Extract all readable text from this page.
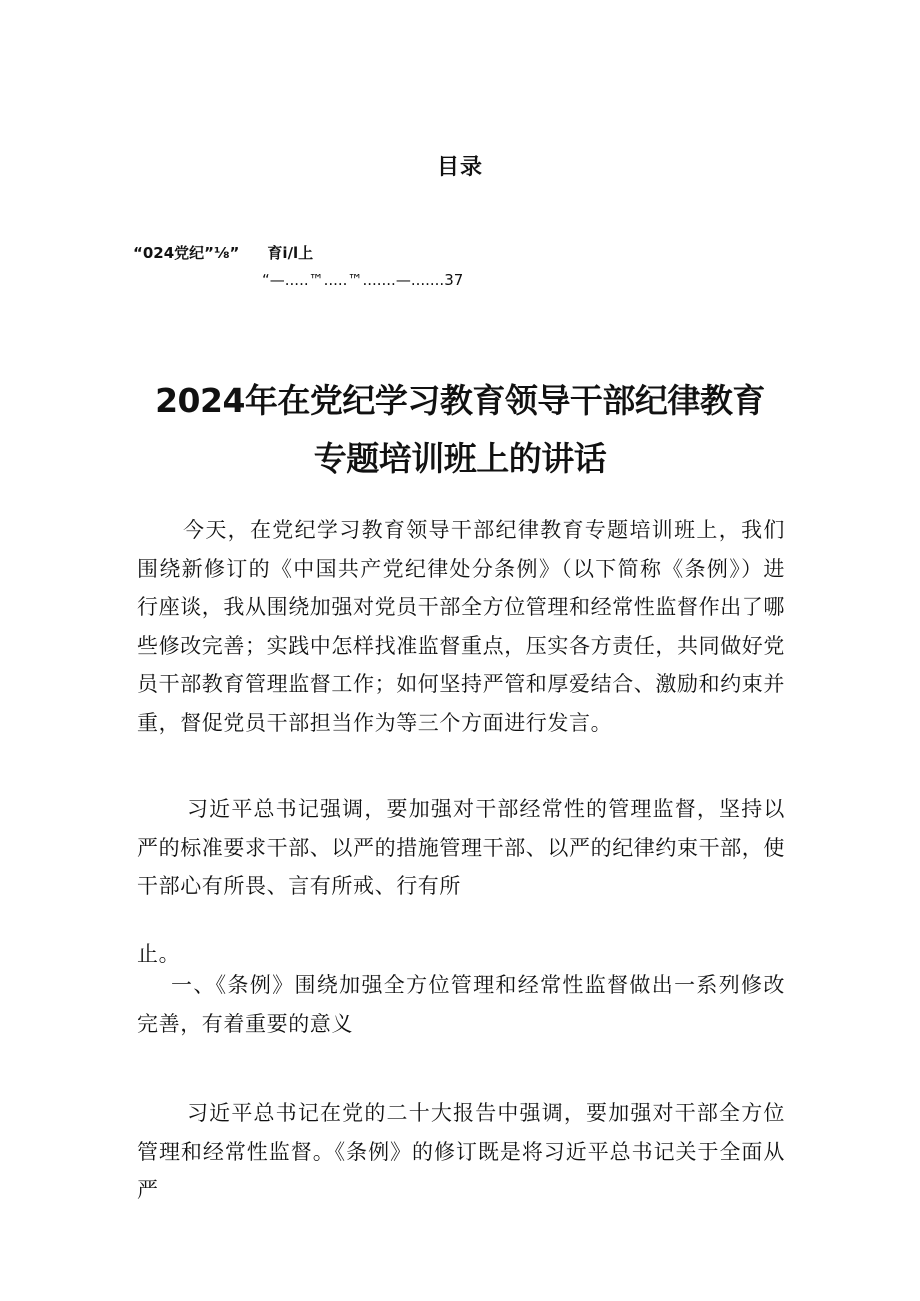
目录
“024党纪”⅛” 育i∕l上
“—.....™.....™.......—.......37
2024年在党纪学习教育领导干部纪律教育
专题培训班上的讲话
今天，在党纪学习教育领导干部纪律教育专题培训班上，我们围绕新修订的《中国共产党纪律处分条例》（以下简称《条例》）进行座谈，我从围绕加强对党员干部全方位管理和经常性监督作出了哪些修改完善；实践中怎样找准监督重点，压实各方责任，共同做好党员干部教育管理监督工作；如何坚持严管和厚爱结合、激励和约束并重，督促党员干部担当作为等三个方面进行发言。
习近平总书记强调，要加强对干部经常性的管理监督，坚持以严的标准要求干部、以严的措施管理干部、以严的纪律约束干部，使干部心有所畏、言有所戒、行有所
止。
一、《条例》围绕加强全方位管理和经常性监督做出一系列修改完善，有着重要的意义
习近平总书记在党的二十大报告中强调，要加强对干部全方位管理和经常性监督。《条例》的修订既是将习近平总书记关于全面从严
